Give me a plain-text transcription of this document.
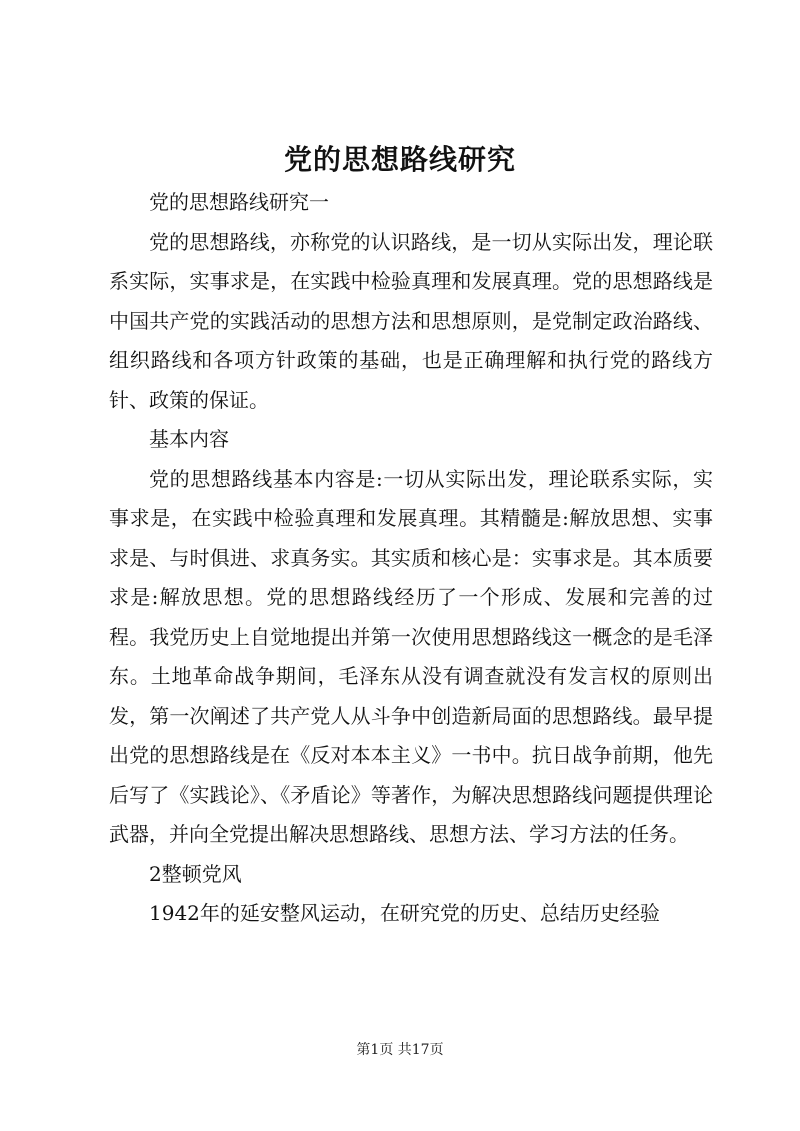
党的思想路线研究

党的思想路线研究一

党的思想路线，亦称党的认识路线，是一切从实际出发，理论联系实际，实事求是，在实践中检验真理和发展真理。党的思想路线是中国共产党的实践活动的思想方法和思想原则，是党制定政治路线、组织路线和各项方针政策的基础，也是正确理解和执行党的路线方针、政策的保证。

基本内容

党的思想路线基本内容是:一切从实际出发，理论联系实际，实事求是，在实践中检验真理和发展真理。其精髓是:解放思想、实事求是、与时俱进、求真务实。其实质和核心是：实事求是。其本质要求是:解放思想。党的思想路线经历了一个形成、发展和完善的过程。我党历史上自觉地提出并第一次使用思想路线这一概念的是毛泽东。土地革命战争期间，毛泽东从没有调查就没有发言权的原则出发，第一次阐述了共产党人从斗争中创造新局面的思想路线。最早提出党的思想路线是在《反对本本主义》一书中。抗日战争前期，他先后写了《实践论》、《矛盾论》等著作，为解决思想路线问题提供理论武器，并向全党提出解决思想路线、思想方法、学习方法的任务。

2整顿党风

1942年的延安整风运动，在研究党的历史、总结历史经验

第1页 共17页
